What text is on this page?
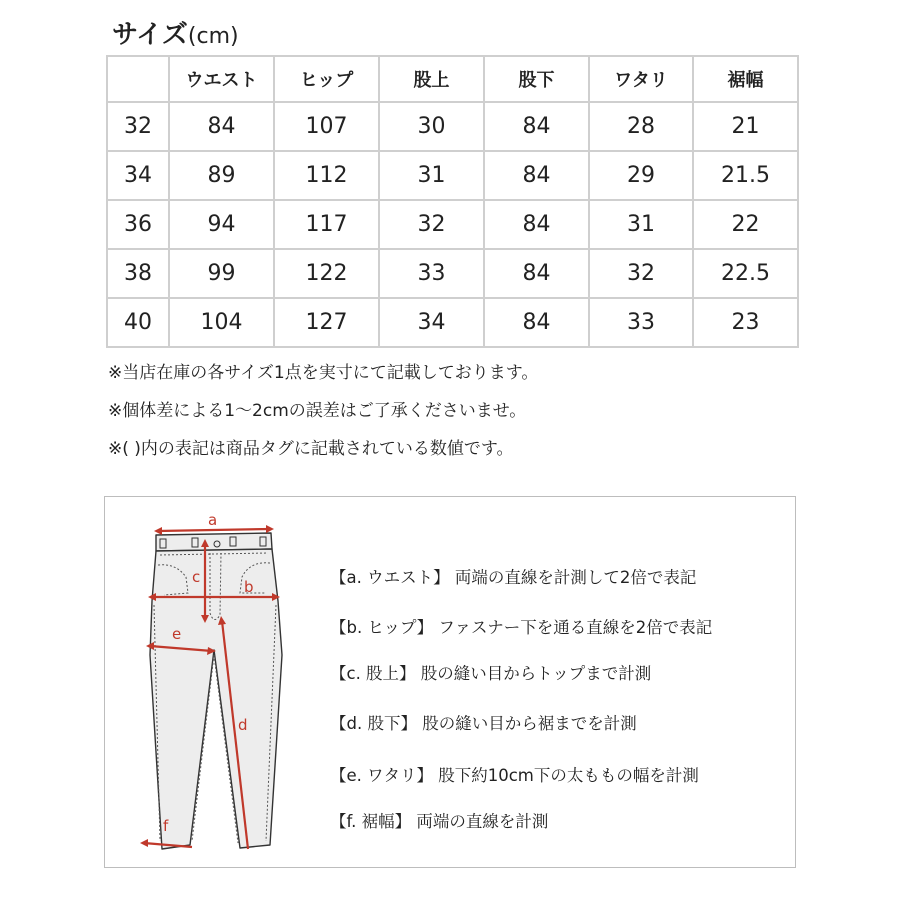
サイズ(cm)
	ウエスト	ヒップ	股上	股下	ワタリ	裾幅
32	84	107	30	84	28	21
34	89	112	31	84	29	21.5
36	94	117	32	84	31	22
38	99	122	33	84	32	22.5
40	104	127	34	84	33	23
※当店在庫の各サイズ1点を実寸にて記載しております。
※個体差による1〜2cmの誤差はご了承くださいませ。
※( )内の表記は商品タグに記載されている数値です。
a
b
c
d
e
f
【a. ウエスト】 両端の直線を計測して2倍で表記
【b. ヒップ】 ファスナー下を通る直線を2倍で表記
【c. 股上】 股の縫い目からトップまで計測
【d. 股下】 股の縫い目から裾までを計測
【e. ワタリ】 股下約10cm下の太ももの幅を計測
【f. 裾幅】 両端の直線を計測
